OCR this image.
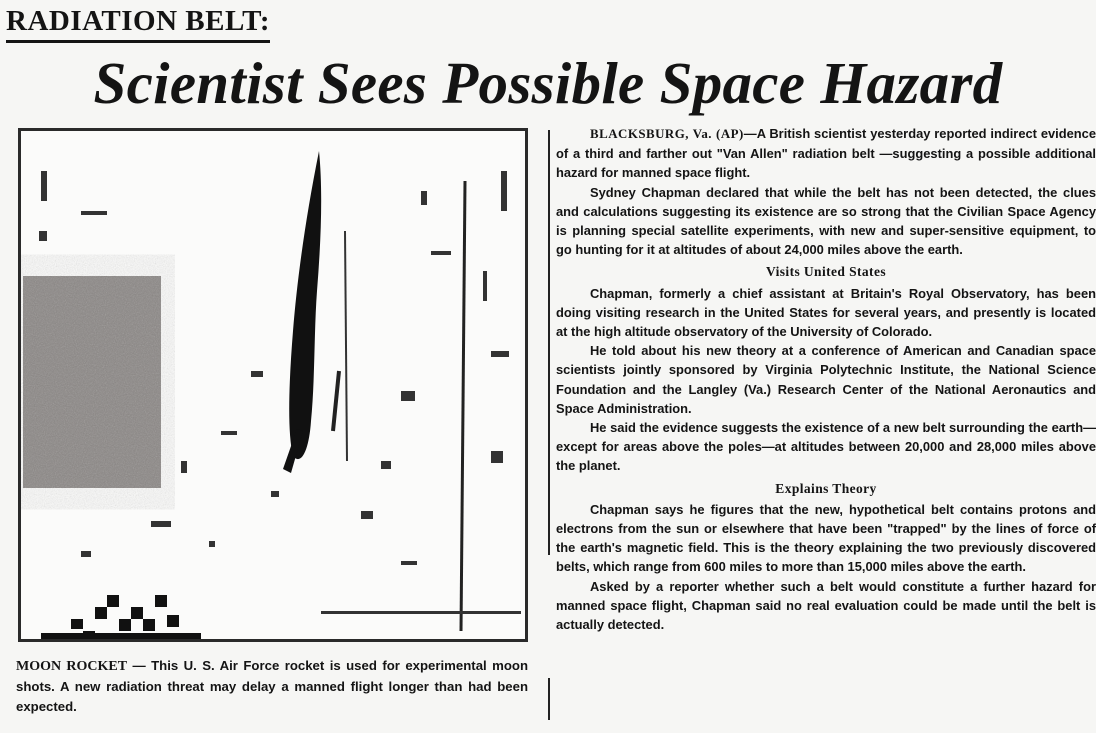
RADIATION BELT:
Scientist Sees Possible Space Hazard
MOON ROCKET — This U. S. Air Force rocket is used for experimental moon shots. A new radiation threat may delay a manned flight longer than had been expected.

BLACKSBURG, Va. (AP)—A British scientist yesterday reported indirect evidence of a third and farther out "Van Allen" radiation belt —suggesting a possible additional hazard for manned space flight.

Sydney Chapman declared that while the belt has not been detected, the clues and calculations suggesting its existence are so strong that the Civilian Space Agency is planning special satellite experiments, with new and super-sensitive equipment, to go hunting for it at altitudes of about 24,000 miles above the earth.

Visits United States

Chapman, formerly a chief assistant at Britain's Royal Observatory, has been doing visiting research in the United States for several years, and presently is located at the high altitude observatory of the University of Colorado.

He told about his new theory at a conference of American and Canadian space scientists jointly sponsored by Virginia Polytechnic Institute, the National Science Foundation and the Langley (Va.) Research Center of the National Aeronautics and Space Administration.

He said the evidence suggests the existence of a new belt surrounding the earth—except for areas above the poles—at altitudes between 20,000 and 28,000 miles above the planet.

Explains Theory

Chapman says he figures that the new, hypothetical belt contains protons and electrons from the sun or elsewhere that have been "trapped" by the lines of force of the earth's magnetic field. This is the theory explaining the two previously discovered belts, which range from 600 miles to more than 15,000 miles above the earth.

Asked by a reporter whether such a belt would constitute a further hazard for manned space flight, Chapman said no real evaluation could be made until the belt is actually detected.
